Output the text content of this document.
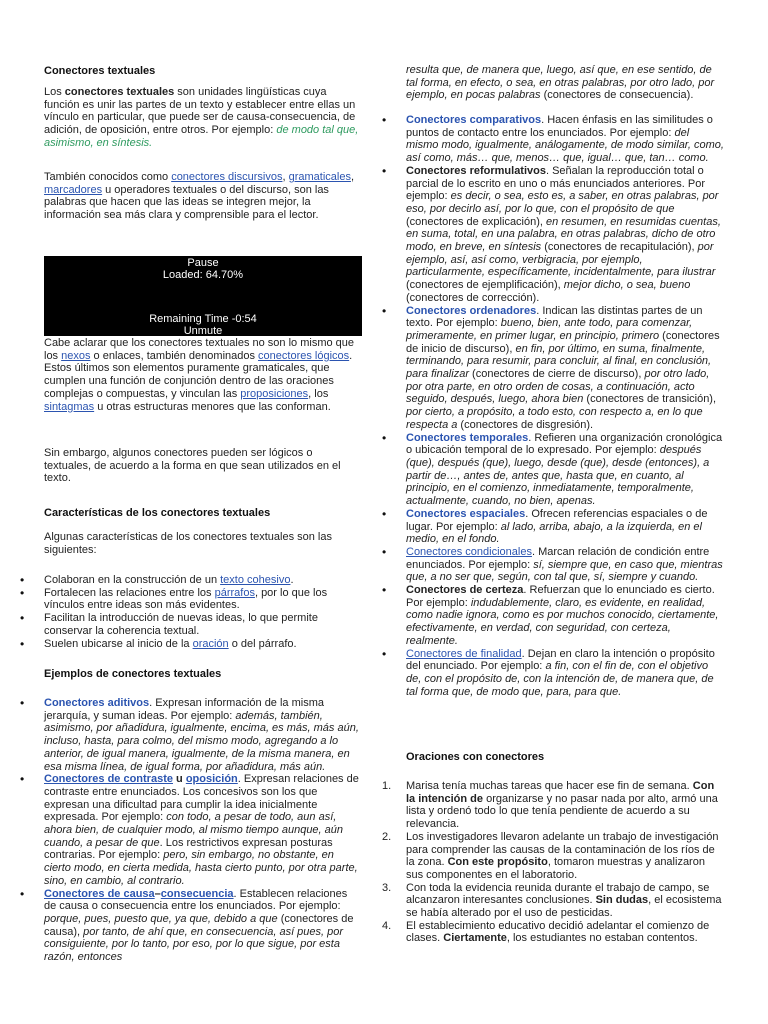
Conectores textuales

Los conectores textuales son unidades lingüísticas cuya función es unir las partes de un texto y establecer entre ellas un vínculo en particular, que puede ser de causa-consecuencia, de adición, de oposición, entre otros. Por ejemplo: de modo tal que, asimismo, en síntesis.

También conocidos como conectores discursivos, gramaticales, marcadores u operadores textuales o del discurso, son las palabras que hacen que las ideas se integren mejor, la información sea más clara y comprensible para el lector.

Pause
Loaded: 64.70%
Remaining Time -0:54
Unmute

Cabe aclarar que los conectores textuales no son lo mismo que los nexos o enlaces, también denominados conectores lógicos. Estos últimos son elementos puramente gramaticales, que cumplen una función de conjunción dentro de las oraciones complejas o compuestas, y vinculan las proposiciones, los sintagmas u otras estructuras menores que las conforman.

Sin embargo, algunos conectores pueden ser lógicos o textuales, de acuerdo a la forma en que sean utilizados en el texto.

Características de los conectores textuales

Algunas características de los conectores textuales son las siguientes:

• Colaboran en la construcción de un texto cohesivo.
• Fortalecen las relaciones entre los párrafos, por lo que los vínculos entre ideas son más evidentes.
• Facilitan la introducción de nuevas ideas, lo que permite conservar la coherencia textual.
• Suelen ubicarse al inicio de la oración o del párrafo.
Ejemplos de conectores textuales
• Conectores aditivos. Expresan información de la misma jerarquía, y suman ideas. Por ejemplo: además, también, asimismo, por añadidura, igualmente, encima, es más, más aún, incluso, hasta, para colmo, del mismo modo, agregando a lo anterior, de igual manera, igualmente, de la misma manera, en esa misma línea, de igual forma, por añadidura, más aún.
• Conectores de contraste u oposición. Expresan relaciones de contraste entre enunciados. Los concesivos son los que expresan una dificultad para cumplir la idea inicialmente expresada. Por ejemplo: con todo, a pesar de todo, aun así, ahora bien, de cualquier modo, al mismo tiempo aunque, aún cuando, a pesar de que. Los restrictivos expresan posturas contrarias. Por ejemplo: pero, sin embargo, no obstante, en cierto modo, en cierta medida, hasta cierto punto, por otra parte, sino, en cambio, al contrario.
• Conectores de causa–consecuencia. Establecen relaciones de causa o consecuencia entre los enunciados. Por ejemplo: porque, pues, puesto que, ya que, debido a que (conectores de causa), por tanto, de ahí que, en consecuencia, así pues, por consiguiente, por lo tanto, por eso, por lo que sigue, por esta razón, entonces

resulta que, de manera que, luego, así que, en ese sentido, de tal forma, en efecto, o sea, en otras palabras, por otro lado, por ejemplo, en pocas palabras (conectores de consecuencia).

• Conectores comparativos. Hacen énfasis en las similitudes o puntos de contacto entre los enunciados. Por ejemplo: del mismo modo, igualmente, análogamente, de modo similar, como, así como, más… que, menos… que, igual… que, tan… como.
• Conectores reformulativos. Señalan la reproducción total o parcial de lo escrito en uno o más enunciados anteriores. Por ejemplo: es decir, o sea, esto es, a saber, en otras palabras, por eso, por decirlo así, por lo que, con el propósito de que (conectores de explicación), en resumen, en resumidas cuentas, en suma, total, en una palabra, en otras palabras, dicho de otro modo, en breve, en síntesis (conectores de recapitulación), por ejemplo, así, así como, verbigracia, por ejemplo, particularmente, específicamente, incidentalmente, para ilustrar (conectores de ejemplificación), mejor dicho, o sea, bueno (conectores de corrección).
• Conectores ordenadores. Indican las distintas partes de un texto. Por ejemplo: bueno, bien, ante todo, para comenzar, primeramente, en primer lugar, en principio, primero (conectores de inicio de discurso), en fin, por último, en suma, finalmente, terminando, para resumir, para concluir, al final, en conclusión, para finalizar (conectores de cierre de discurso), por otro lado, por otra parte, en otro orden de cosas, a continuación, acto seguido, después, luego, ahora bien (conectores de transición), por cierto, a propósito, a todo esto, con respecto a, en lo que respecta a (conectores de disgresión).
• Conectores temporales. Refieren una organización cronológica o ubicación temporal de lo expresado. Por ejemplo: después (que), después (que), luego, desde (que), desde (entonces), a partir de…, antes de, antes que, hasta que, en cuanto, al principio, en el comienzo, inmediatamente, temporalmente, actualmente, cuando, no bien, apenas.
• Conectores espaciales. Ofrecen referencias espaciales o de lugar. Por ejemplo: al lado, arriba, abajo, a la izquierda, en el medio, en el fondo.
• Conectores condicionales. Marcan relación de condición entre enunciados. Por ejemplo: sí, siempre que, en caso que, mientras que, a no ser que, según, con tal que, sí, siempre y cuando.
• Conectores de certeza. Refuerzan que lo enunciado es cierto. Por ejemplo: indudablemente, claro, es evidente, en realidad, como nadie ignora, como es por muchos conocido, ciertamente, efectivamente, en verdad, con seguridad, con certeza, realmente.
• Conectores de finalidad. Dejan en claro la intención o propósito del enunciado. Por ejemplo: a fin, con el fin de, con el objetivo de, con el propósito de, con la intención de, de manera que, de tal forma que, de modo que, para, para que.
Oraciones con conectores
1. Marisa tenía muchas tareas que hacer ese fin de semana. Con la intención de organizarse y no pasar nada por alto, armó una lista y ordenó todo lo que tenía pendiente de acuerdo a su relevancia.
2. Los investigadores llevaron adelante un trabajo de investigación para comprender las causas de la contaminación de los ríos de la zona. Con este propósito, tomaron muestras y analizaron sus componentes en el laboratorio.
3. Con toda la evidencia reunida durante el trabajo de campo, se alcanzaron interesantes conclusiones. Sin dudas, el ecosistema se había alterado por el uso de pesticidas.
4. El establecimiento educativo decidió adelantar el comienzo de clases. Ciertamente, los estudiantes no estaban contentos.
